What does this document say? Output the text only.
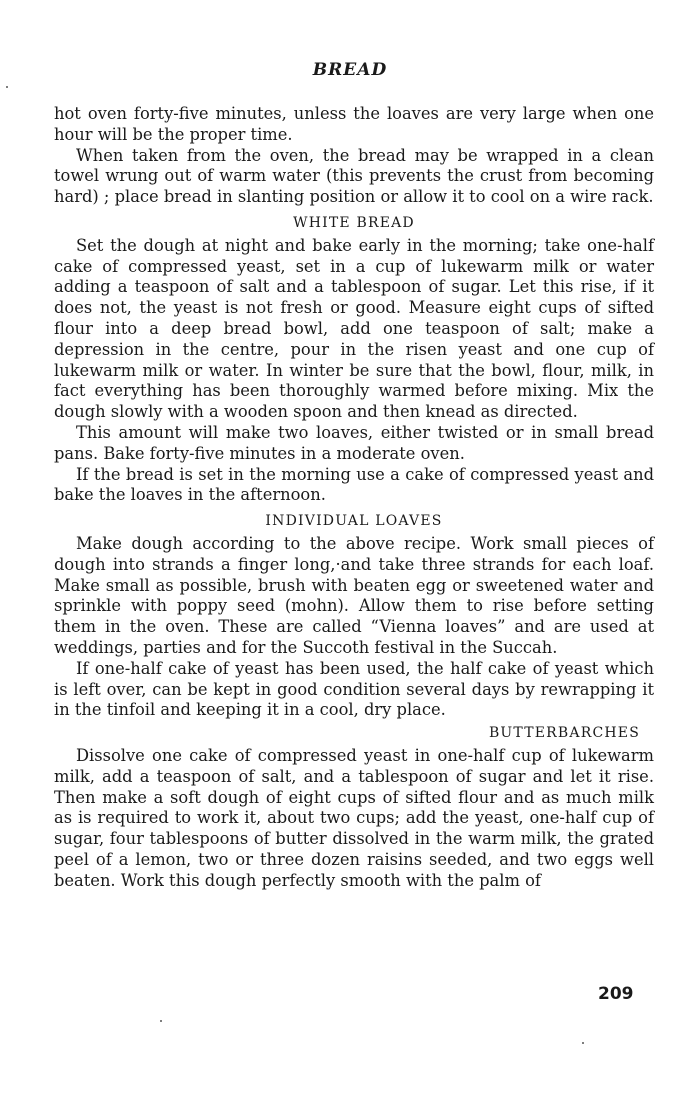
BREAD

hot oven forty-five minutes, unless the loaves are very large when one hour will be the proper time.

When taken from the oven, the bread may be wrapped in a clean towel wrung out of warm water (this prevents the crust from becoming hard) ; place bread in slanting position or allow it to cool on a wire rack.

WHITE BREAD

Set the dough at night and bake early in the morning; take one-half cake of compressed yeast, set in a cup of lukewarm milk or water adding a teaspoon of salt and a tablespoon of sugar. Let this rise, if it does not, the yeast is not fresh or good. Measure eight cups of sifted flour into a deep bread bowl, add one teaspoon of salt; make a depression in the centre, pour in the risen yeast and one cup of lukewarm milk or water. In winter be sure that the bowl, flour, milk, in fact everything has been thoroughly warmed before mixing. Mix the dough slowly with a wooden spoon and then knead as directed.

This amount will make two loaves, either twisted or in small bread pans. Bake forty-five minutes in a moderate oven.

If the bread is set in the morning use a cake of compressed yeast and bake the loaves in the afternoon.

INDIVIDUAL LOAVES

Make dough according to the above recipe. Work small pieces of dough into strands a finger long,·and take three strands for each loaf. Make small as possible, brush with beaten egg or sweetened water and sprinkle with poppy seed (mohn). Allow them to rise before setting them in the oven. These are called “Vienna loaves” and are used at weddings, parties and for the Succoth festival in the Succah.

If one-half cake of yeast has been used, the half cake of yeast which is left over, can be kept in good condition several days by rewrapping it in the tinfoil and keeping it in a cool, dry place.

BUTTERBARCHES

Dissolve one cake of compressed yeast in one-half cup of lukewarm milk, add a teaspoon of salt, and a tablespoon of sugar and let it rise. Then make a soft dough of eight cups of sifted flour and as much milk as is required to work it, about two cups; add the yeast, one-half cup of sugar, four tablespoons of butter dissolved in the warm milk, the grated peel of a lemon, two or three dozen raisins seeded, and two eggs well beaten. Work this dough perfectly smooth with the palm of

209
